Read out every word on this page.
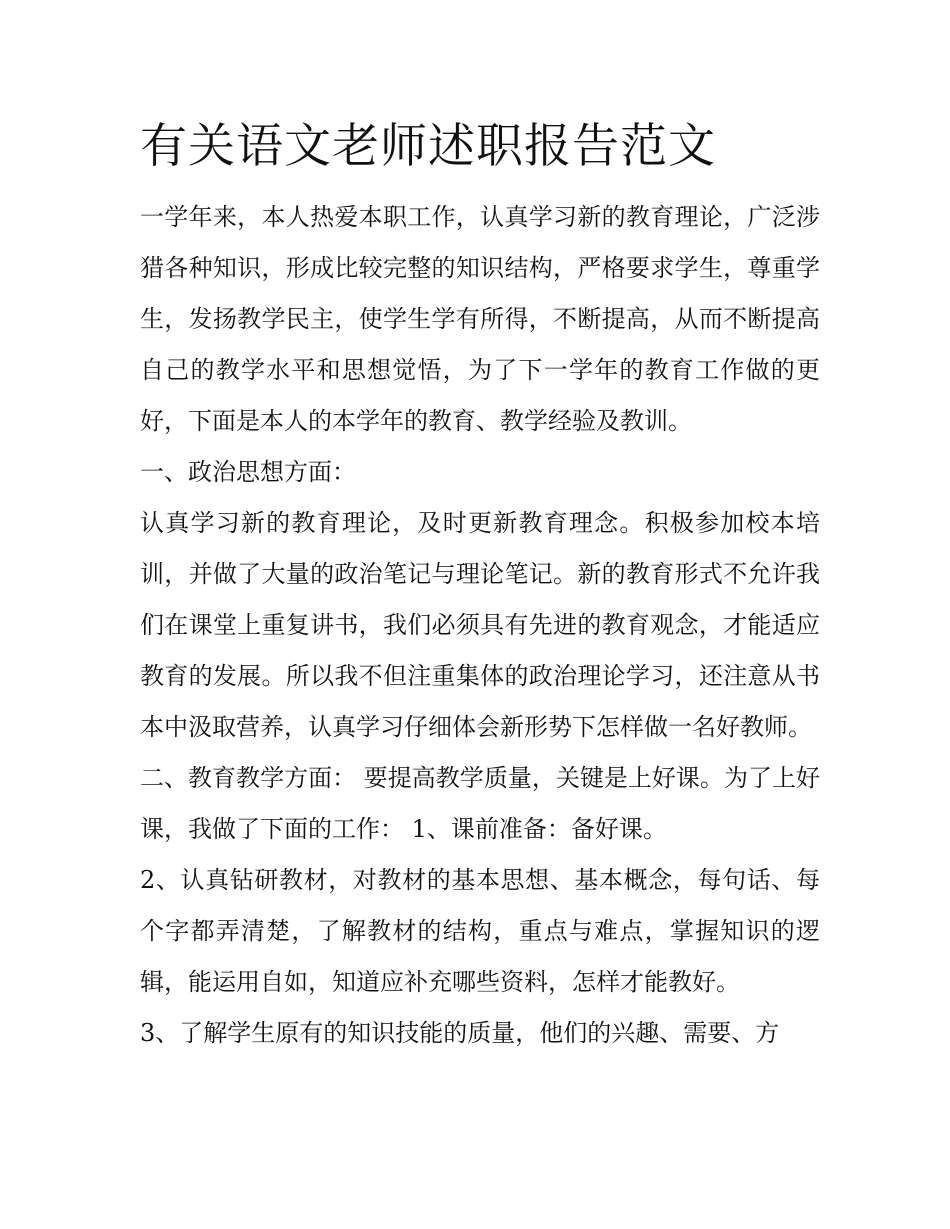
有关语文老师述职报告范文

一学年来，本人热爱本职工作，认真学习新的教育理论，广泛涉猎各种知识，形成比较完整的知识结构，严格要求学生，尊重学生，发扬教学民主，使学生学有所得，不断提高，从而不断提高自己的教学水平和思想觉悟，为了下一学年的教育工作做的更好，下面是本人的本学年的教育、教学经验及教训。

一、政治思想方面：

认真学习新的教育理论，及时更新教育理念。积极参加校本培训，并做了大量的政治笔记与理论笔记。新的教育形式不允许我们在课堂上重复讲书，我们必须具有先进的教育观念，才能适应教育的发展。所以我不但注重集体的政治理论学习，还注意从书本中汲取营养，认真学习仔细体会新形势下怎样做一名好教师。

二、教育教学方面： 要提高教学质量，关键是上好课。为了上好课，我做了下面的工作： 1、课前准备：备好课。

2、认真钻研教材，对教材的基本思想、基本概念，每句话、每个字都弄清楚，了解教材的结构，重点与难点，掌握知识的逻辑，能运用自如，知道应补充哪些资料，怎样才能教好。

3、了解学生原有的知识技能的质量，他们的兴趣、需要、方
